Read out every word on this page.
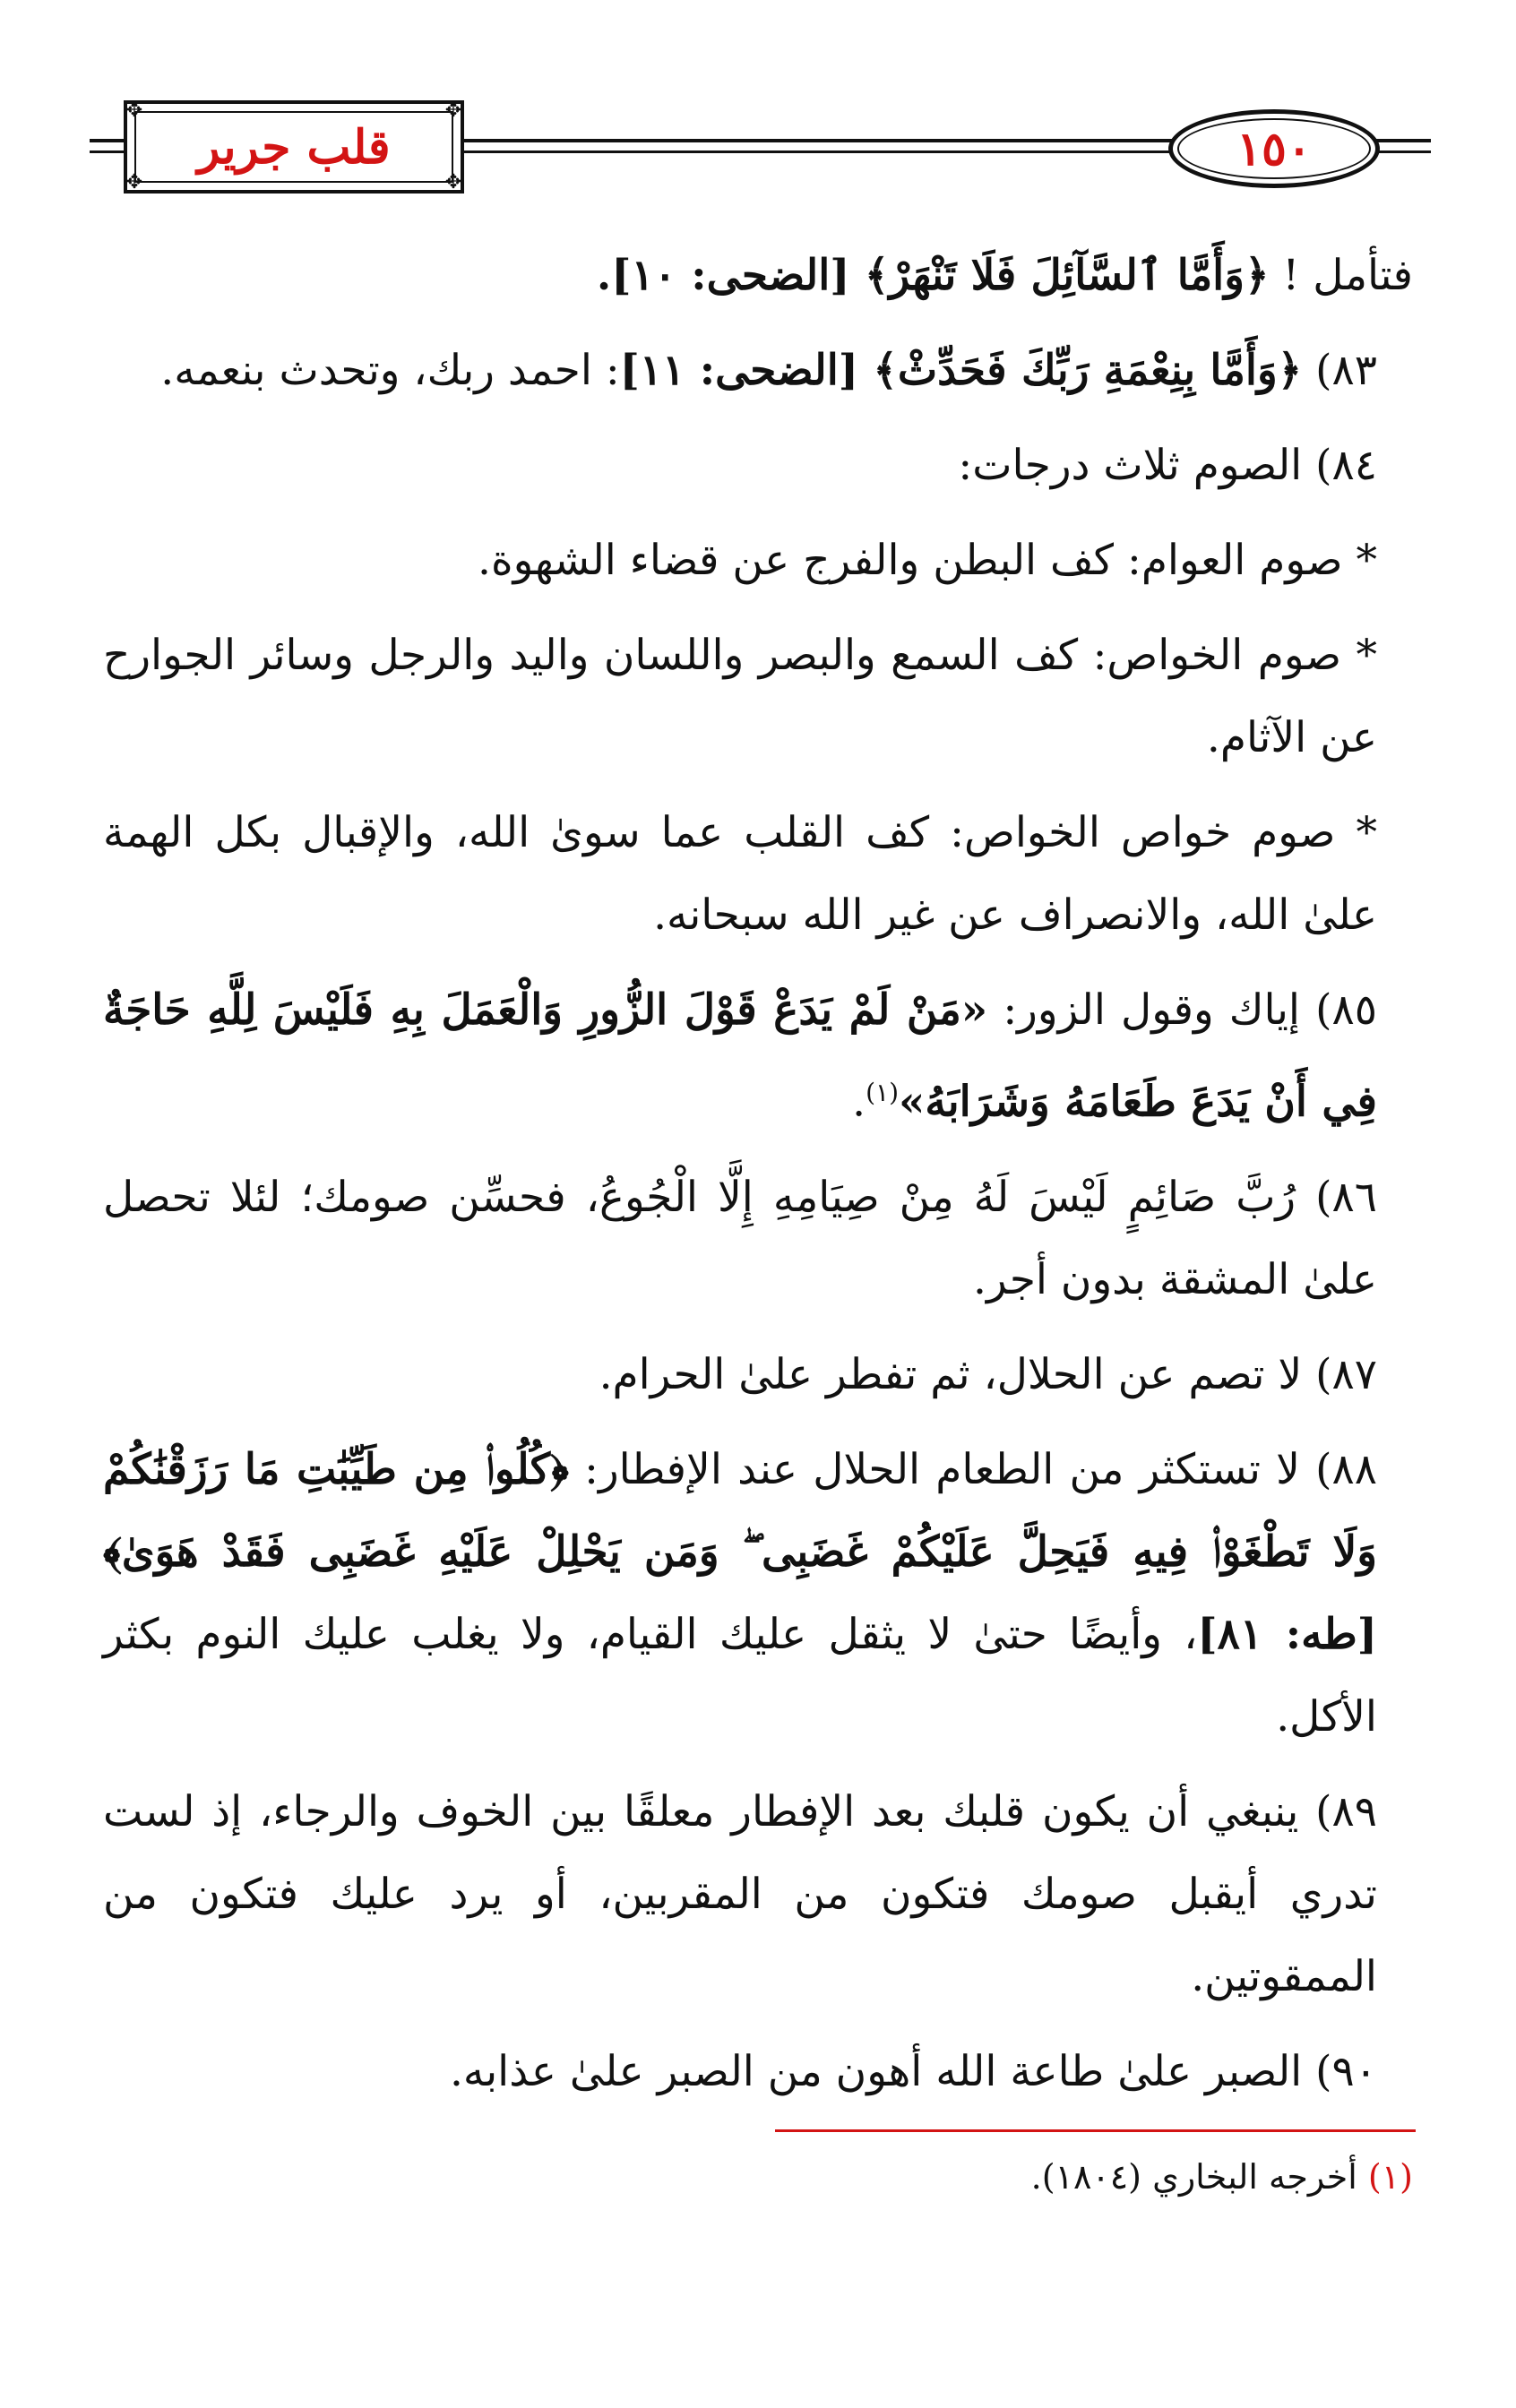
✥	✥
✥	✥
قلب جرير	١٥٠

فتأمل ! ﴿وَأَمَّا ٱلسَّآئِلَ فَلَا تَنْهَرْ﴾ [الضحى: ١٠].

٨٣) ﴿وَأَمَّا بِنِعْمَةِ رَبِّكَ فَحَدِّثْ﴾ [الضحى: ١١]: احمد ربك، وتحدث بنعمه.

٨٤) الصوم ثلاث درجات:

* صوم العوام: كف البطن والفرج عن قضاء الشهوة.

* صوم الخواص: كف السمع والبصر واللسان واليد والرجل وسائر الجوارح عن الآثام.

* صوم خواص الخواص: كف القلب عما سوىٰ الله، والإقبال بكل الهمة علىٰ الله، والانصراف عن غير الله سبحانه.

٨٥) إياك وقول الزور: «مَنْ لَمْ يَدَعْ قَوْلَ الزُّورِ وَالْعَمَلَ بِهِ فَلَيْسَ لِلَّهِ حَاجَةٌ فِي أَنْ يَدَعَ طَعَامَهُ وَشَرَابَهُ»$^{(١)}$.

٨٦) رُبَّ صَائِمٍ لَيْسَ لَهُ مِنْ صِيَامِهِ إِلَّا الْجُوعُ، فحسِّن صومك؛ لئلا تحصل علىٰ المشقة بدون أجر.

٨٧) لا تصم عن الحلال، ثم تفطر علىٰ الحرام.

٨٨) لا تستكثر من الطعام الحلال عند الإفطار: ﴿كُلُوا۟ مِن طَيِّبَٰتِ مَا رَزَقْنَٰكُمْ وَلَا تَطْغَوْا۟ فِيهِ فَيَحِلَّ عَلَيْكُمْ غَضَبِى ۖ وَمَن يَحْلِلْ عَلَيْهِ غَضَبِى فَقَدْ هَوَىٰ﴾ [طه: ٨١]، وأيضًا حتىٰ لا يثقل عليك القيام، ولا يغلب عليك النوم بكثر الأكل.

٨٩) ينبغي أن يكون قلبك بعد الإفطار معلقًا بين الخوف والرجاء، إذ لست تدري أيقبل صومك فتكون من المقربين، أو يرد عليك فتكون من الممقوتين.

٩٠) الصبر علىٰ طاعة الله أهون من الصبر علىٰ عذابه.

(١) أخرجه البخاري (١٨٠٤).
